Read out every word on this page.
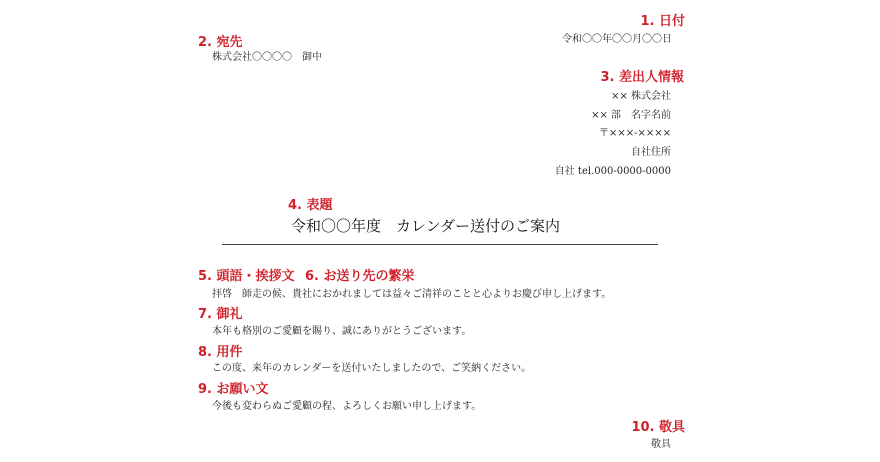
1. 日付
令和〇〇年〇〇月〇〇日
2. 宛先
株式会社〇〇〇〇　御中
3. 差出人情報
×× 株式会社
×× 部　名字名前
〒×××-××××
自社住所
自社 tel.000-0000-0000
4. 表題
令和〇〇年度　カレンダー送付のご案内
5. 頭語・挨拶文 6. お送り先の繁栄
拝啓　師走の候、貴社におかれましては益々ご清祥のことと心よりお慶び申し上げます。
7. 御礼
本年も格別のご愛顧を賜り、誠にありがとうございます。
8. 用件
この度、来年のカレンダーを送付いたしましたので、ご笑納ください。
9. お願い文
今後も変わらぬご愛顧の程、よろしくお願い申し上げます。
10. 敬具
敬具
